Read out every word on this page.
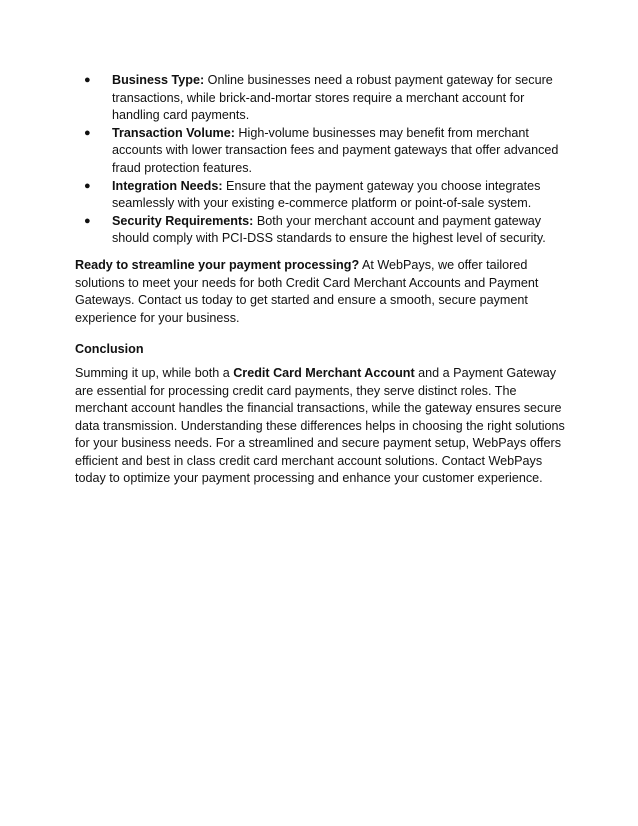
● Business Type: Online businesses need a robust payment gateway for secure transactions, while brick-and-mortar stores require a merchant account for handling card payments.
● Transaction Volume: High-volume businesses may benefit from merchant accounts with lower transaction fees and payment gateways that offer advanced fraud protection features.
● Integration Needs: Ensure that the payment gateway you choose integrates seamlessly with your existing e-commerce platform or point-of-sale system.
● Security Requirements: Both your merchant account and payment gateway should comply with PCI-DSS standards to ensure the highest level of security.

Ready to streamline your payment processing? At WebPays, we offer tailored solutions to meet your needs for both Credit Card Merchant Accounts and Payment Gateways. Contact us today to get started and ensure a smooth, secure payment experience for your business.

Conclusion

Summing it up, while both a Credit Card Merchant Account and a Payment Gateway are essential for processing credit card payments, they serve distinct roles. The merchant account handles the financial transactions, while the gateway ensures secure data transmission. Understanding these differences helps in choosing the right solutions for your business needs. For a streamlined and secure payment setup, WebPays offers efficient and best in class credit card merchant account solutions. Contact WebPays today to optimize your payment processing and enhance your customer experience.
